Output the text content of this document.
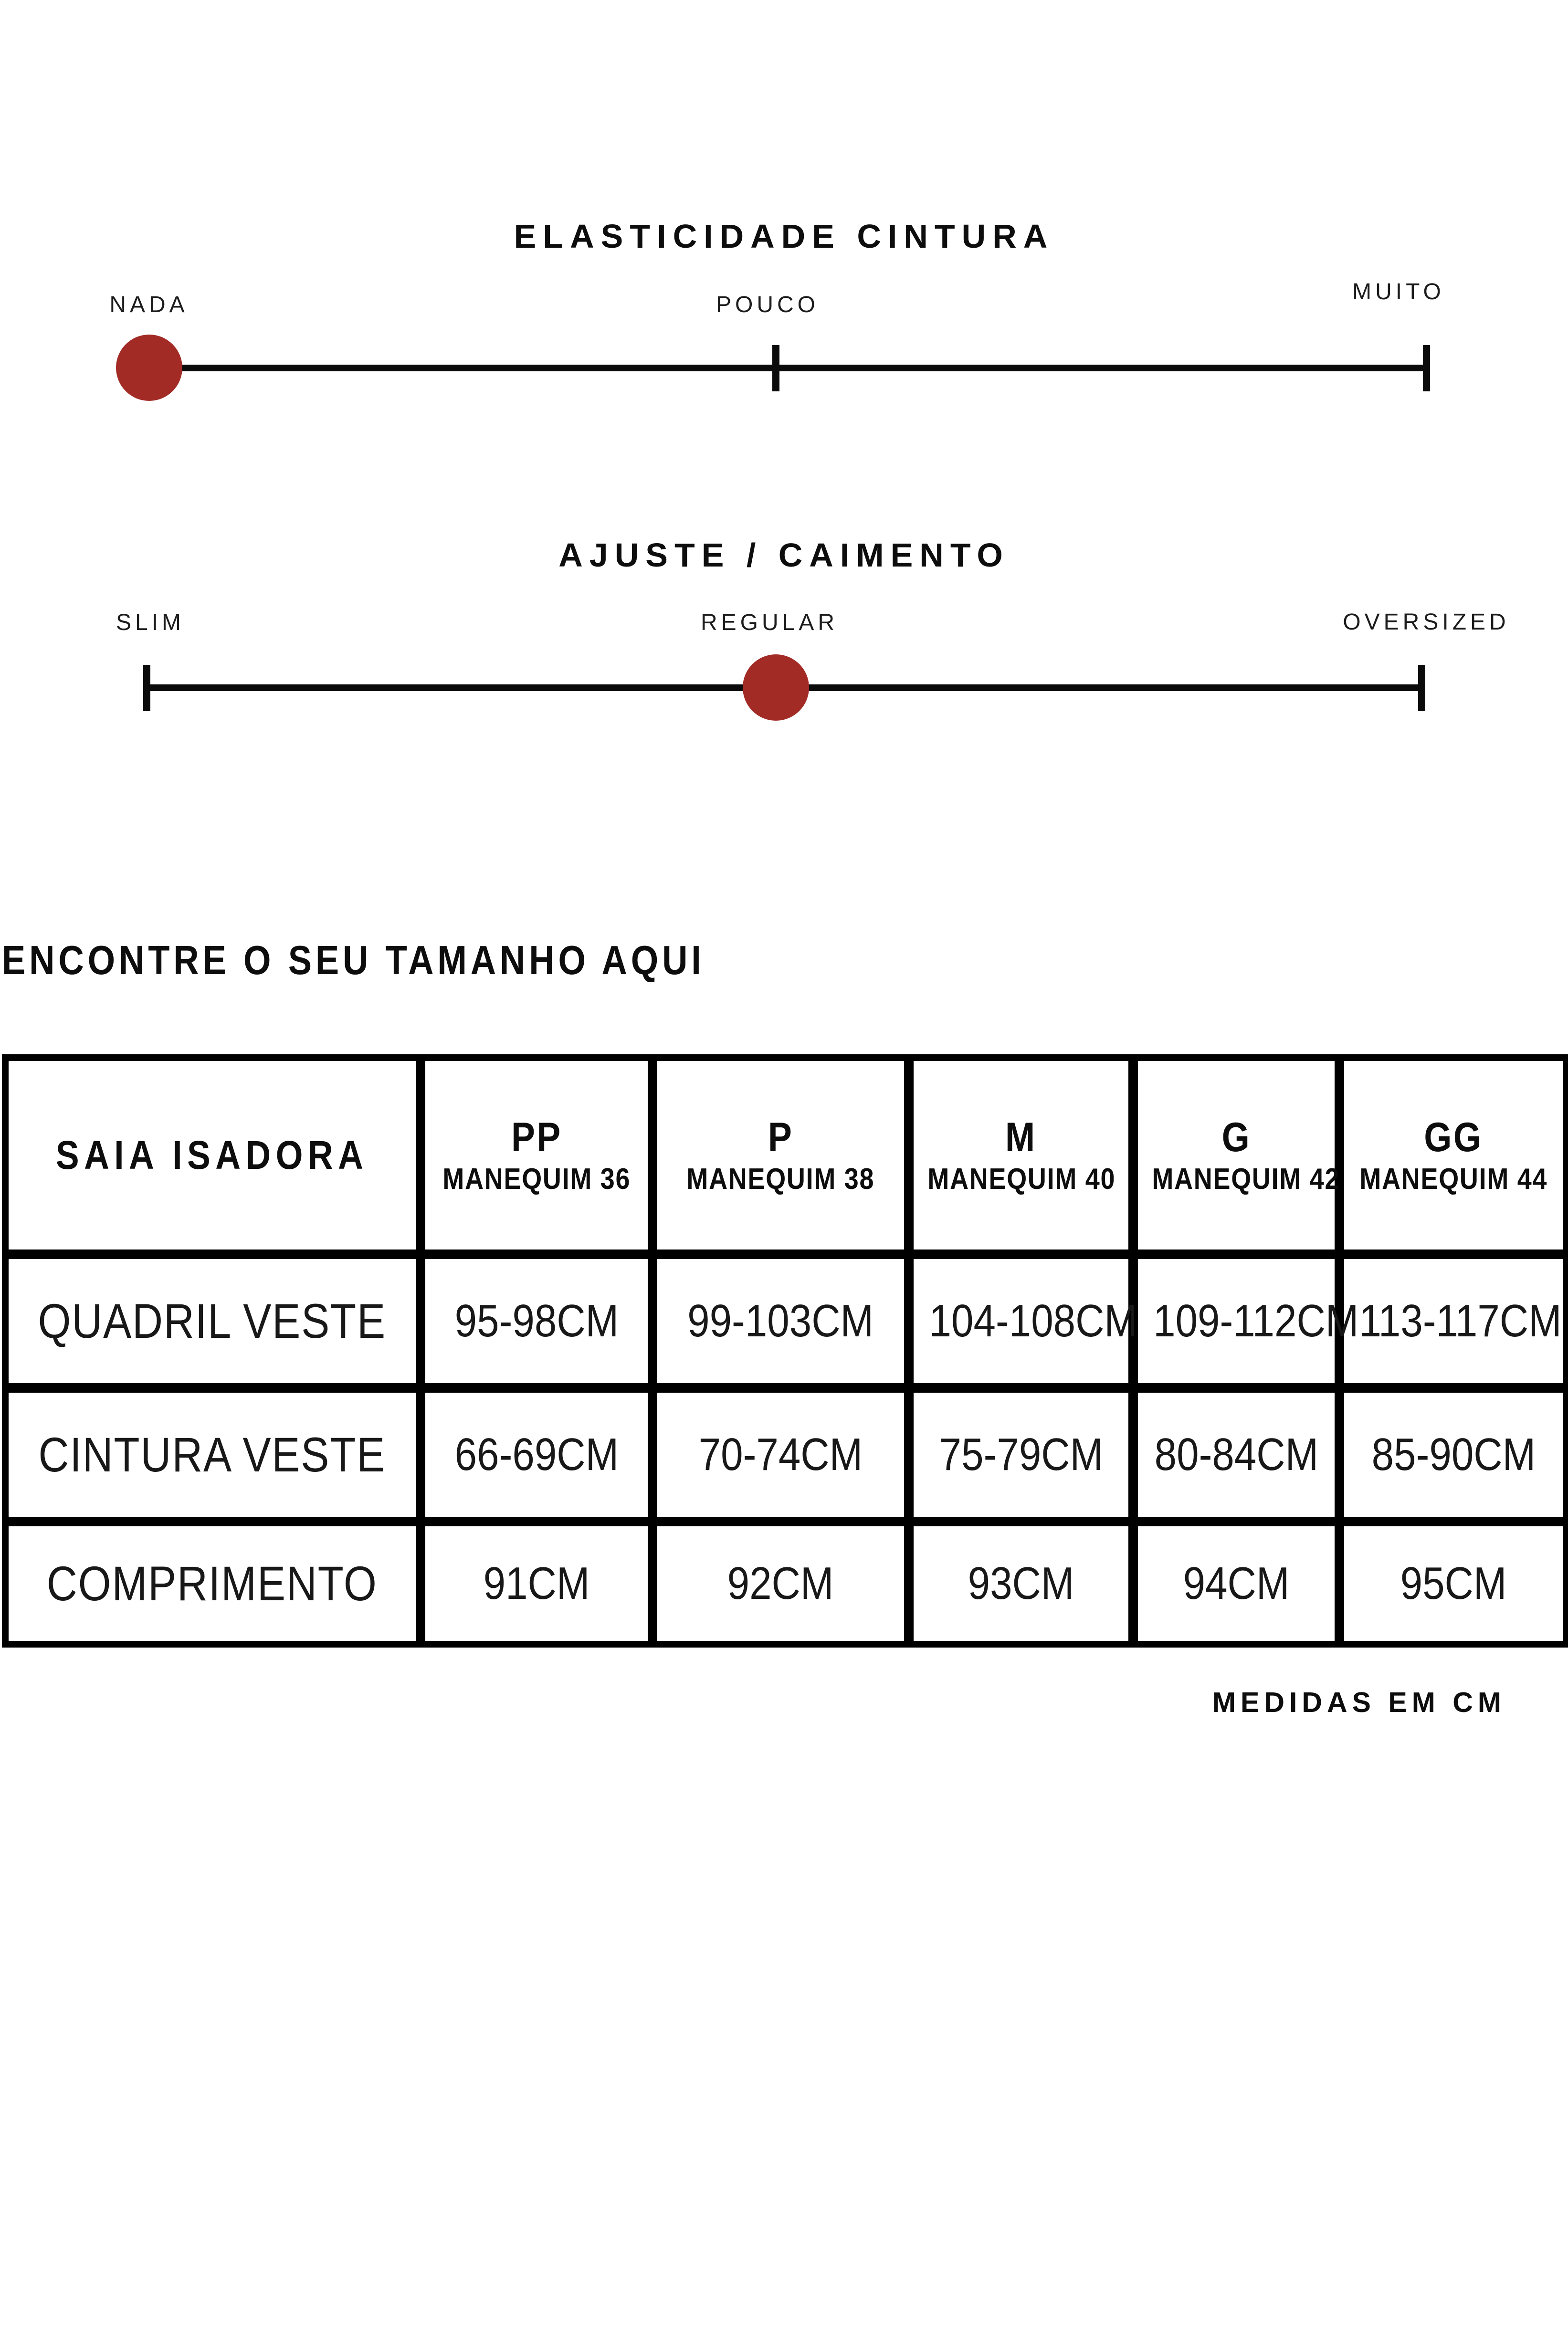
ELASTICIDADE CINTURA
NADA	POUCO
MUITO
AJUSTE / CAIMENTO
SLIM	REGULAR	OVERSIZED
ENCONTRE O SEU TAMANHO AQUI
SAIA ISADORA	PP MANEQUIM 36	P MANEQUIM 38	M MANEQUIM 40	G MANEQUIM 42	GG MANEQUIM 44
QUADRIL VESTE	95-98CM	99-103CM	104-108CM	109-112CM	113-117CM
CINTURA VESTE	66-69CM	70-74CM	75-79CM	80-84CM	85-90CM
COMPRIMENTO	91CM	92CM	93CM	94CM	95CM
MEDIDAS EM CM
